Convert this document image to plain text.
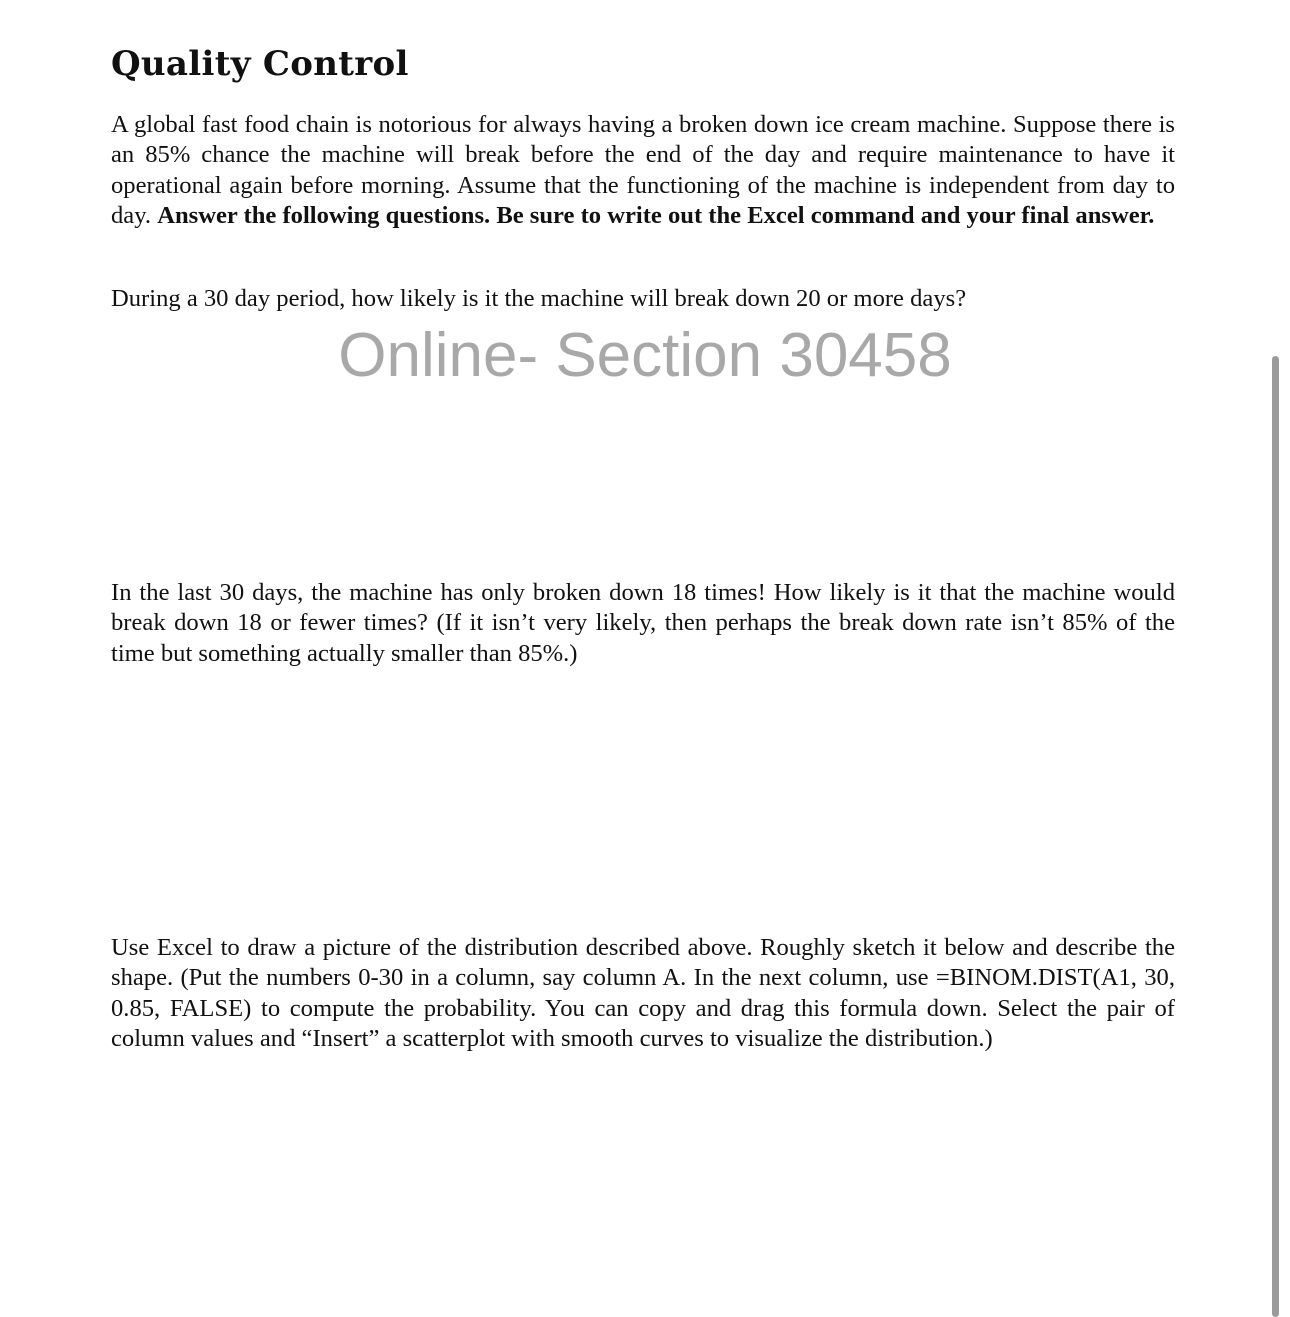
Quality Control

A global fast food chain is notorious for always having a broken down ice cream machine. Suppose there is an 85% chance the machine will break before the end of the day and require maintenance to have it operational again before morning. Assume that the functioning of the machine is independent from day to day. Answer the following questions. Be sure to write out the Excel command and your final answer.

During a 30 day period, how likely is it the machine will break down 20 or more days?

Online- Section 30458

In the last 30 days, the machine has only broken down 18 times! How likely is it that the machine would break down 18 or fewer times? (If it isn’t very likely, then perhaps the break down rate isn’t 85% of the time but something actually smaller than 85%.)

Use Excel to draw a picture of the distribution described above. Roughly sketch it below and describe the shape. (Put the numbers 0-30 in a column, say column A. In the next column, use =BINOM.DIST(A1, 30, 0.85, FALSE) to compute the probability. You can copy and drag this formula down. Select the pair of column values and “Insert” a scatterplot with smooth curves to visualize the distribution.)
